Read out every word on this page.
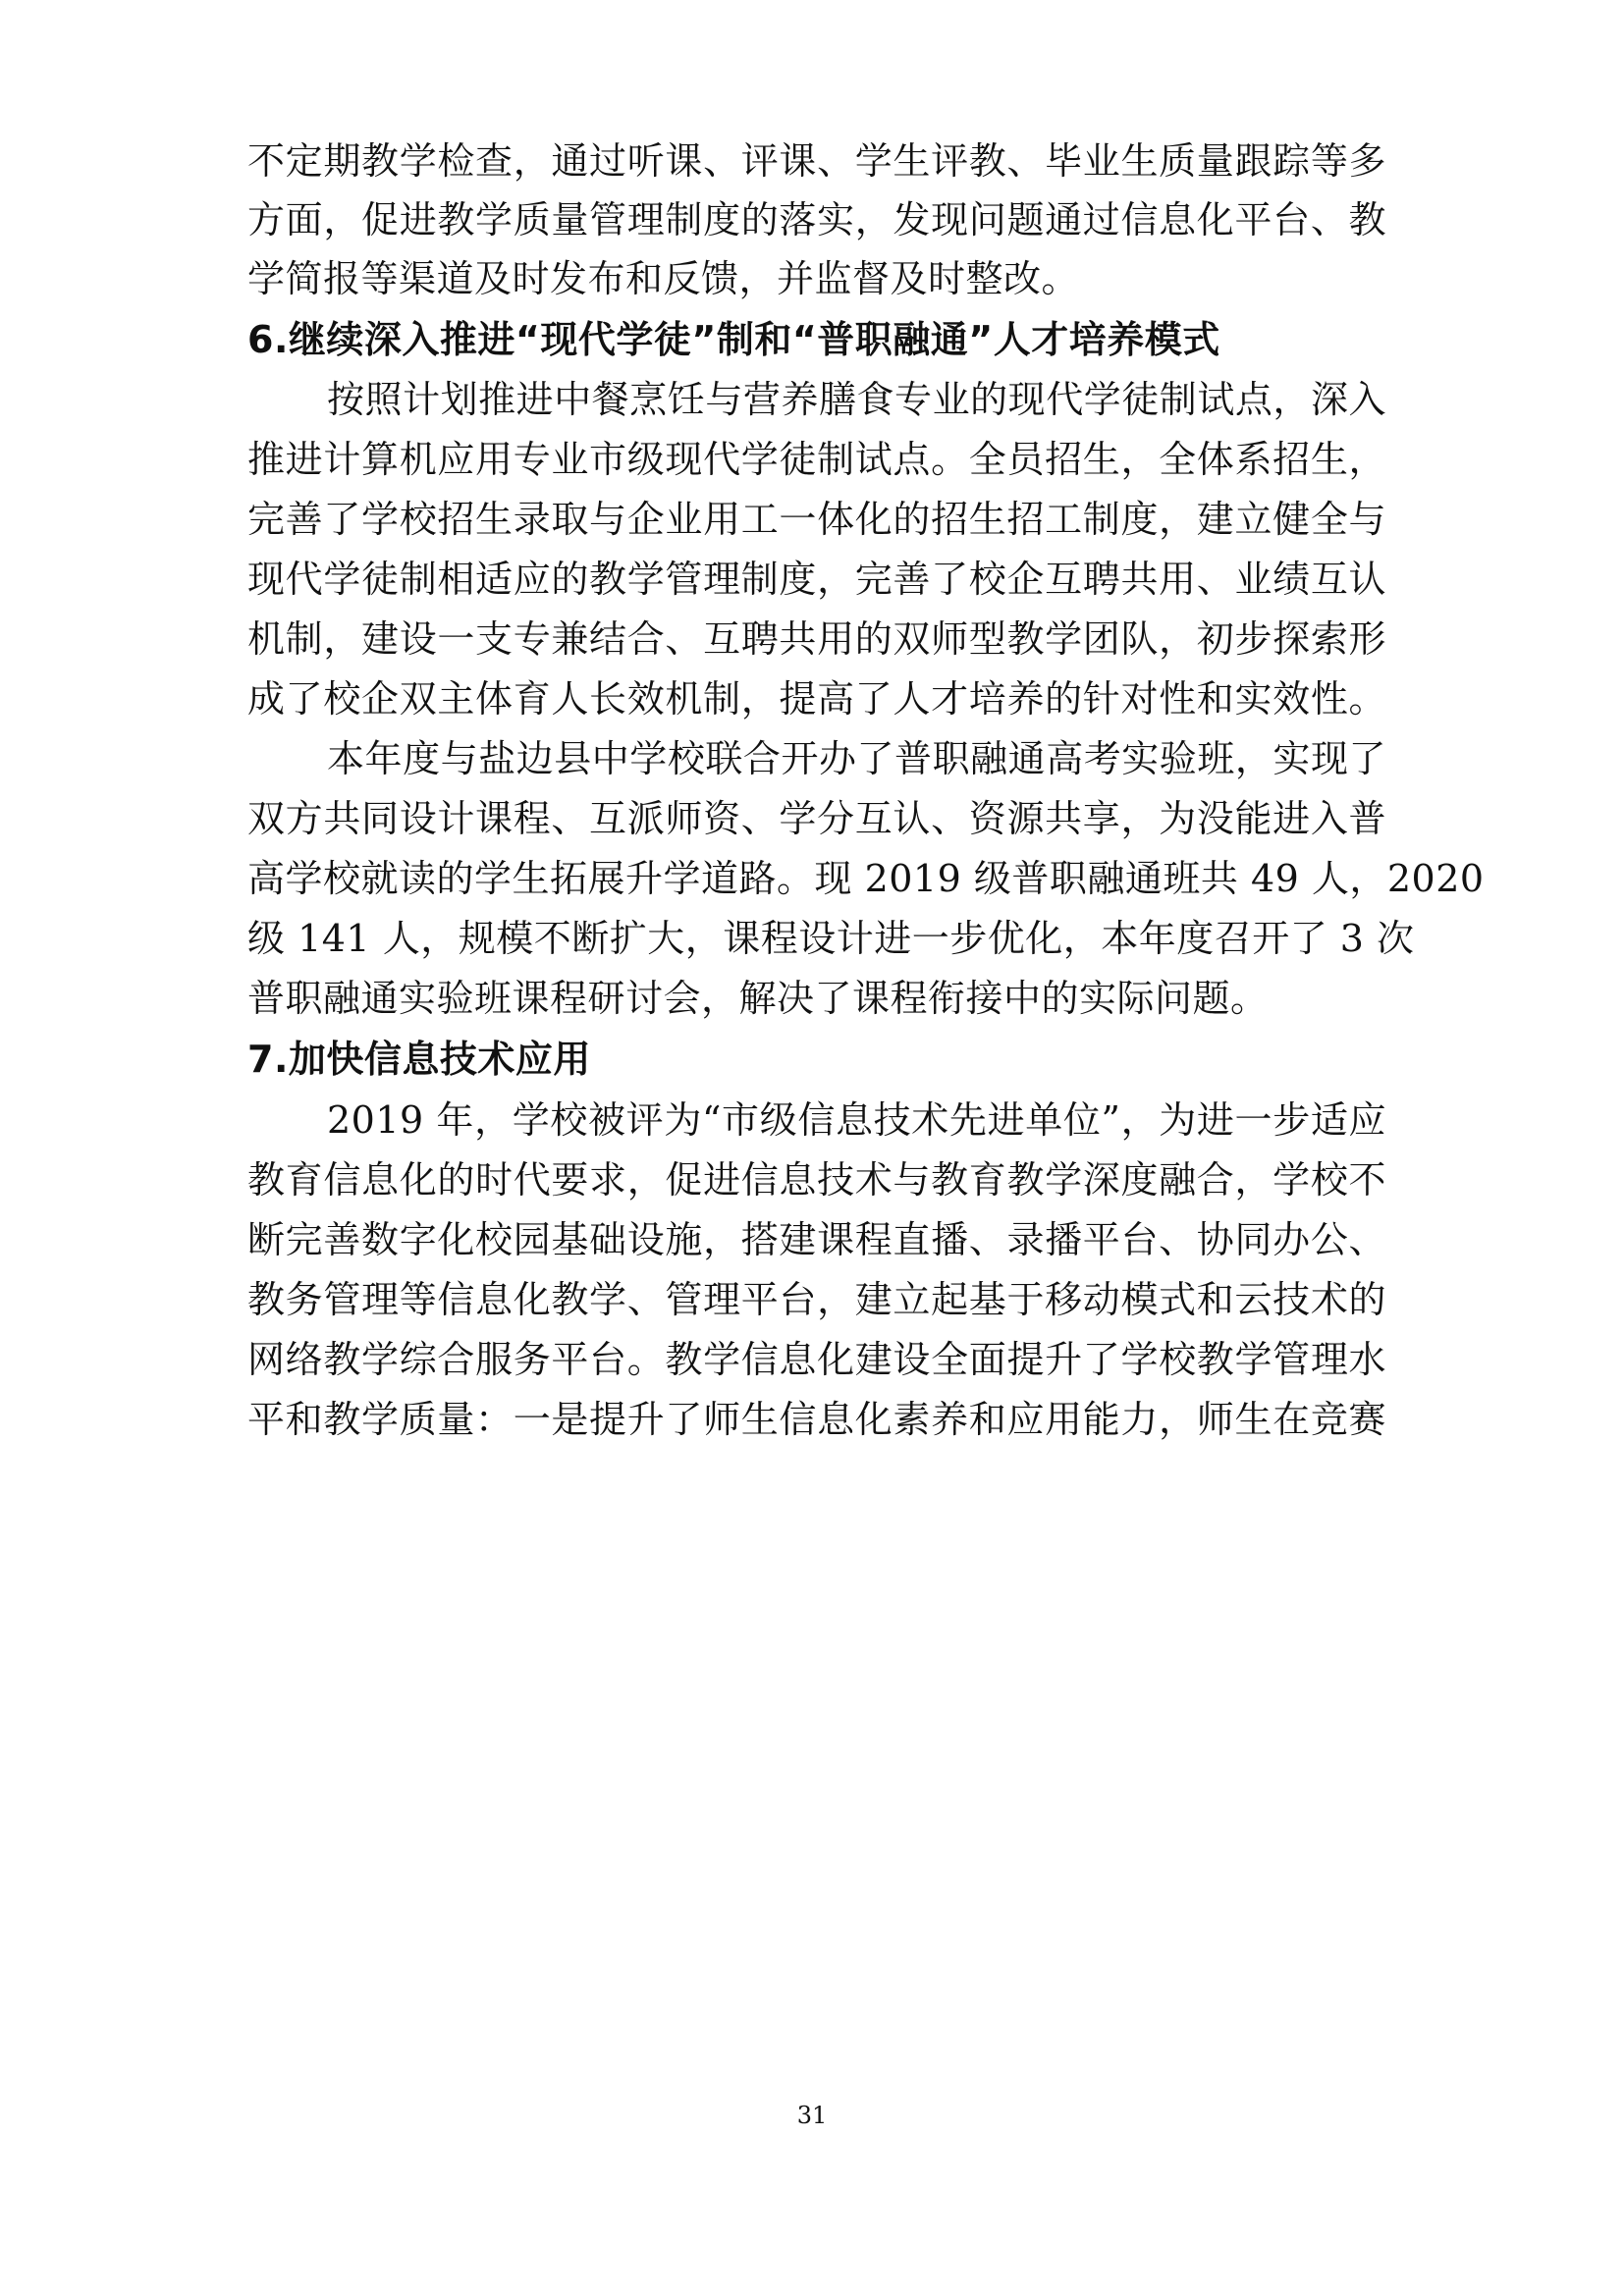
不定期教学检查，通过听课、评课、学生评教、毕业生质量跟踪等多
方面，促进教学质量管理制度的落实，发现问题通过信息化平台、教
学简报等渠道及时发布和反馈，并监督及时整改。
6.继续深入推进“现代学徒”制和“普职融通”人才培养模式
按照计划推进中餐烹饪与营养膳食专业的现代学徒制试点，深入
推进计算机应用专业市级现代学徒制试点。全员招生，全体系招生，
完善了学校招生录取与企业用工一体化的招生招工制度，建立健全与
现代学徒制相适应的教学管理制度，完善了校企互聘共用、业绩互认
机制，建设一支专兼结合、互聘共用的双师型教学团队，初步探索形
成了校企双主体育人长效机制，提高了人才培养的针对性和实效性。
本年度与盐边县中学校联合开办了普职融通高考实验班，实现了
双方共同设计课程、互派师资、学分互认、资源共享，为没能进入普
高学校就读的学生拓展升学道路。现 2019 级普职融通班共 49 人，2020
级 141 人，规模不断扩大，课程设计进一步优化，本年度召开了 3 次
普职融通实验班课程研讨会，解决了课程衔接中的实际问题。
7.加快信息技术应用
2019 年，学校被评为“市级信息技术先进单位”，为进一步适应
教育信息化的时代要求，促进信息技术与教育教学深度融合，学校不
断完善数字化校园基础设施，搭建课程直播、录播平台、协同办公、
教务管理等信息化教学、管理平台，建立起基于移动模式和云技术的
网络教学综合服务平台。教学信息化建设全面提升了学校教学管理水
平和教学质量：一是提升了师生信息化素养和应用能力，师生在竞赛
31
